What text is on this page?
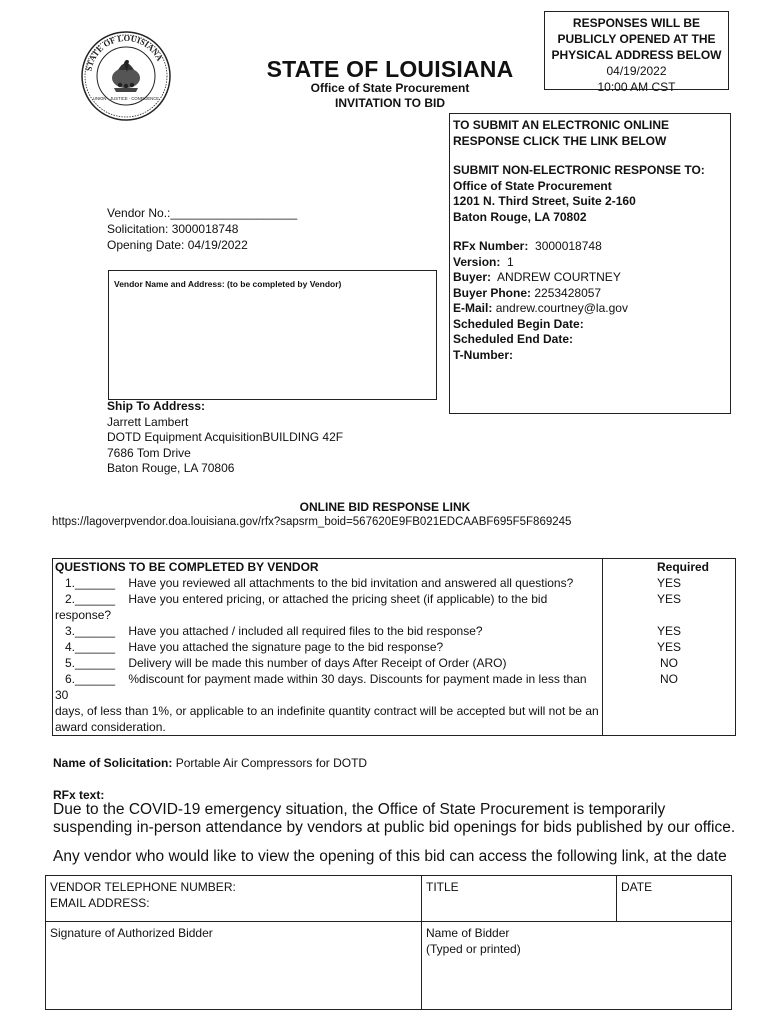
STATE OF LOUISIANA
UNION · JUSTICE · CONFIDENCE
STATE OF LOUISIANA
Office of State Procurement
INVITATION TO BID
RESPONSES WILL BE
PUBLICLY OPENED AT THE
PHYSICAL ADDRESS BELOW
04/19/2022
10:00 AM CST
TO SUBMIT AN ELECTRONIC ONLINE
RESPONSE CLICK THE LINK BELOW
SUBMIT NON-ELECTRONIC RESPONSE TO:
Office of State Procurement
1201 N. Third Street, Suite 2-160
Baton Rouge, LA 70802
RFx Number: 3000018748
Version: 1
Buyer: ANDREW COURTNEY
Buyer Phone: 2253428057
E-Mail: andrew.courtney@la.gov
Scheduled Begin Date:
Scheduled End Date:
T-Number:
Vendor No.:___________________
Solicitation: 3000018748
Opening Date: 04/19/2022
Vendor Name and Address: (to be completed by Vendor)
Ship To Address:
Jarrett Lambert
DOTD Equipment AcquisitionBUILDING 42F
7686 Tom Drive
Baton Rouge, LA 70806
ONLINE BID RESPONSE LINK
https://lagoverpvendor.doa.louisiana.gov/rfx?sapsrm_boid=567620E9FB021EDCAABF695F5F869245
QUESTIONS TO BE COMPLETED BY VENDOR	Required
1.______ Have you reviewed all attachments to the bid invitation and answered all questions?	YES
2.______ Have you entered pricing, or attached the pricing sheet (if applicable) to the bid
response?	YES
3.______ Have you attached / included all required files to the bid response?	YES
4.______ Have you attached the signature page to the bid response?	YES
5.______ Delivery will be made this number of days After Receipt of Order (ARO)	NO
6.______ %discount for payment made within 30 days. Discounts for payment made in less than 30
days, of less than 1%, or applicable to an indefinite quantity contract will be accepted but will not be an
award consideration.	NO
Name of Solicitation: Portable Air Compressors for DOTD
RFx text:
Due to the COVID-19 emergency situation, the Office of State Procurement is temporarily suspending in-person attendance by vendors at public bid openings for bids published by our office.
Any vendor who would like to view the opening of this bid can access the following link, at the date
VENDOR TELEPHONE NUMBER:
EMAIL ADDRESS:
TITLE	DATE
Signature of Authorized Bidder	Name of Bidder
(Typed or printed)
